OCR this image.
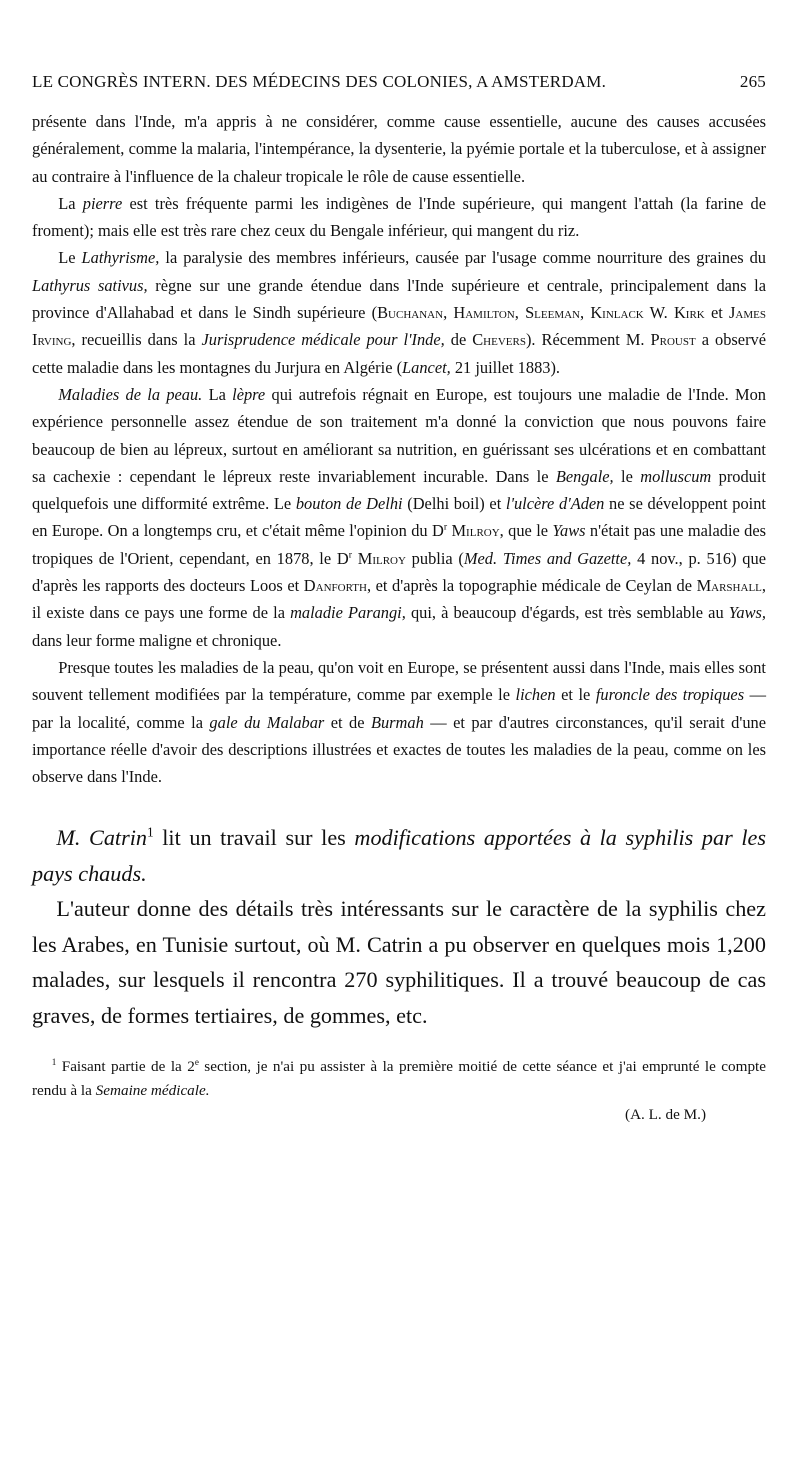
LE CONGRÈS INTERN. DES MÉDECINS DES COLONIES, A AMSTERDAM.	265

présente dans l'Inde, m'a appris à ne considérer, comme cause essentielle, aucune des causes accusées généralement, comme la malaria, l'intempérance, la dysenterie, la pyémie portale et la tuberculose, et à assigner au contraire à l'influence de la chaleur tropicale le rôle de cause essentielle.

La pierre est très fréquente parmi les indigènes de l'Inde supérieure, qui mangent l'attah (la farine de froment); mais elle est très rare chez ceux du Bengale inférieur, qui mangent du riz.

Le Lathyrisme, la paralysie des membres inférieurs, causée par l'usage comme nourriture des graines du Lathyrus sativus, règne sur une grande étendue dans l'Inde supérieure et centrale, principalement dans la province d'Allahabad et dans le Sindh supérieure (Buchanan, Hamilton, Sleeman, Kinlack W. Kirk et James Irving, recueillis dans la Jurisprudence médicale pour l'Inde, de Chevers). Récemment M. Proust a observé cette maladie dans les montagnes du Jurjura en Algérie (Lancet, 21 juillet 1883).

Maladies de la peau. La lèpre qui autrefois régnait en Europe, est toujours une maladie de l'Inde. Mon expérience personnelle assez étendue de son traitement m'a donné la conviction que nous pouvons faire beaucoup de bien au lépreux, surtout en améliorant sa nutrition, en guérissant ses ulcérations et en combattant sa cachexie : cependant le lépreux reste invariablement incurable. Dans le Bengale, le molluscum produit quelquefois une difformité extrême. Le bouton de Delhi (Delhi boil) et l'ulcère d'Aden ne se développent point en Europe. On a longtemps cru, et c'était même l'opinion du $D^r$ Milroy, que le Yaws n'était pas une maladie des tropiques de l'Orient, cependant, en 1878, le $D^r$ Milroy publia (Med. Times and Gazette, 4 nov., p. 516) que d'après les rapports des docteurs Loos et Danforth, et d'après la topographie médicale de Ceylan de Marshall, il existe dans ce pays une forme de la maladie Parangi, qui, à beaucoup d'égards, est très semblable au Yaws, dans leur forme maligne et chronique.

Presque toutes les maladies de la peau, qu'on voit en Europe, se présentent aussi dans l'Inde, mais elles sont souvent tellement modifiées par la température, comme par exemple le lichen et le furoncle des tropiques — par la localité, comme la gale du Malabar et de Burmah — et par d'autres circonstances, qu'il serait d'une importance réelle d'avoir des descriptions illustrées et exactes de toutes les maladies de la peau, comme on les observe dans l'Inde.

M. Catrin$^1$ lit un travail sur les modifications apportées à la syphilis par les pays chauds.

L'auteur donne des détails très intéressants sur le caractère de la syphilis chez les Arabes, en Tunisie surtout, où M. Catrin a pu observer en quelques mois 1,200 malades, sur lesquels il rencontra 270 syphilitiques. Il a trouvé beaucoup de cas graves, de formes tertiaires, de gommes, etc.

$^1$ Faisant partie de la 2e section, je n'ai pu assister à la première moitié de cette séance et j'ai emprunté le compte rendu à la Semaine médicale.

(A. L. de M.)
